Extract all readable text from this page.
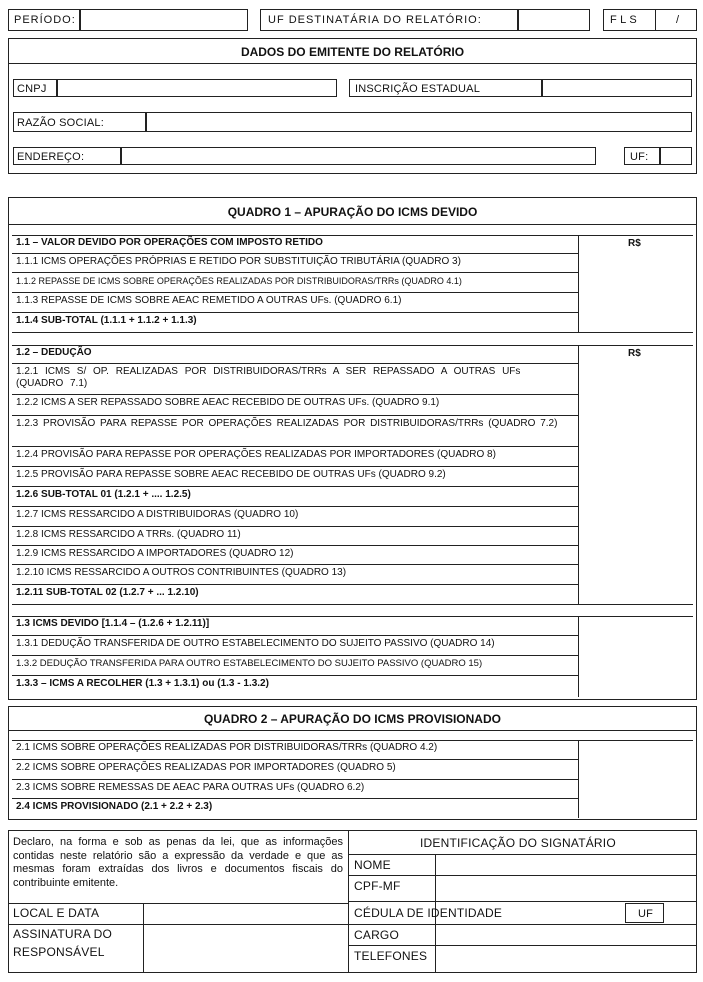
PERÍODO:	UF DESTINATÁRIA DO RELATÓRIO:	F L S	/
DADOS DO EMITENTE DO RELATÓRIO
CNPJ	INSCRIÇÃO ESTADUAL
RAZÃO SOCIAL:
ENDEREÇO:	UF:
QUADRO 1 – APURAÇÃO DO ICMS DEVIDO
1.1 – VALOR DEVIDO POR OPERAÇÕES COM IMPOSTO RETIDO
1.1.1 ICMS OPERAÇÕES PRÓPRIAS E RETIDO POR SUBSTITUIÇÃO TRIBUTÁRIA (QUADRO 3)
1.1.2 REPASSE DE ICMS SOBRE OPERAÇÕES REALIZADAS POR DISTRIBUIDORAS/TRRs (QUADRO 4.1)
1.1.3 REPASSE DE ICMS SOBRE AEAC REMETIDO A OUTRAS UFs. (QUADRO 6.1)
1.1.4 SUB-TOTAL (1.1.1 + 1.1.2 + 1.1.3)
R$
1.2 – DEDUÇÃO
1.2.1 ICMS S/ OP. REALIZADAS POR DISTRIBUIDORAS/TRRs A SER REPASSADO A OUTRAS UFs (QUADRO 7.1)
1.2.2 ICMS A SER REPASSADO SOBRE AEAC RECEBIDO DE OUTRAS UFs. (QUADRO 9.1)
1.2.3 PROVISÃO PARA REPASSE POR OPERAÇÕES REALIZADAS POR DISTRIBUIDORAS/TRRs (QUADRO 7.2)
1.2.4 PROVISÃO PARA REPASSE POR OPERAÇÕES REALIZADAS POR IMPORTADORES (QUADRO 8)
1.2.5 PROVISÃO PARA REPASSE SOBRE AEAC RECEBIDO DE OUTRAS UFs (QUADRO 9.2)
1.2.6 SUB-TOTAL 01 (1.2.1 + .... 1.2.5)
1.2.7 ICMS RESSARCIDO A DISTRIBUIDORAS (QUADRO 10)
1.2.8 ICMS RESSARCIDO A TRRs. (QUADRO 11)
1.2.9 ICMS RESSARCIDO A IMPORTADORES (QUADRO 12)
1.2.10 ICMS RESSARCIDO A OUTROS CONTRIBUINTES (QUADRO 13)
1.2.11 SUB-TOTAL 02 (1.2.7 + ... 1.2.10)
R$
1.3 ICMS DEVIDO [1.1.4 – (1.2.6 + 1.2.11)]
1.3.1 DEDUÇÃO TRANSFERIDA DE OUTRO ESTABELECIMENTO DO SUJEITO PASSIVO (QUADRO 14)
1.3.2 DEDUÇÃO TRANSFERIDA PARA OUTRO ESTABELECIMENTO DO SUJEITO PASSIVO (QUADRO 15)
1.3.3 – ICMS A RECOLHER (1.3 + 1.3.1) ou (1.3 - 1.3.2)
QUADRO 2 – APURAÇÃO DO ICMS PROVISIONADO
2.1 ICMS SOBRE OPERAÇÕES REALIZADAS POR DISTRIBUIDORAS/TRRs (QUADRO 4.2)
2.2 ICMS SOBRE OPERAÇÕES REALIZADAS POR IMPORTADORES (QUADRO 5)
2.3 ICMS SOBRE REMESSAS DE AEAC PARA OUTRAS UFs (QUADRO 6.2)
2.4 ICMS PROVISIONADO (2.1 + 2.2 + 2.3)
Declaro, na forma e sob as penas da lei, que as informações contidas neste relatório são a expressão da verdade e que as mesmas foram extraídas dos livros e documentos fiscais do contribuinte emitente.
LOCAL E DATA
ASSINATURA DO
RESPONSÁVEL
IDENTIFICAÇÃO DO SIGNATÁRIO
NOME
CPF-MF
CÉDULA DE IDENTIDADE	UF
CARGO
TELEFONES
